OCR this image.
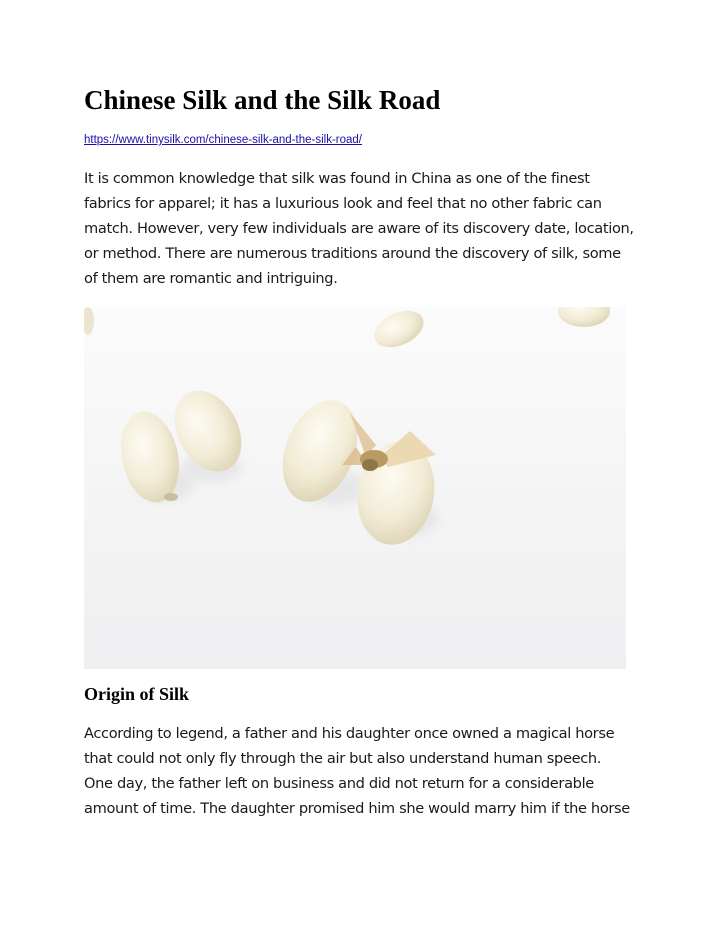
Chinese Silk and the Silk Road
https://www.tinysilk.com/chinese-silk-and-the-silk-road/

It is common knowledge that silk was found in China as one of the finest
fabrics for apparel; it has a luxurious look and feel that no other fabric can
match. However, very few individuals are aware of its discovery date, location,
or method. There are numerous traditions around the discovery of silk, some
of them are romantic and intriguing.

Origin of Silk

According to legend, a father and his daughter once owned a magical horse
that could not only fly through the air but also understand human speech.
One day, the father left on business and did not return for a considerable
amount of time. The daughter promised him she would marry him if the horse
